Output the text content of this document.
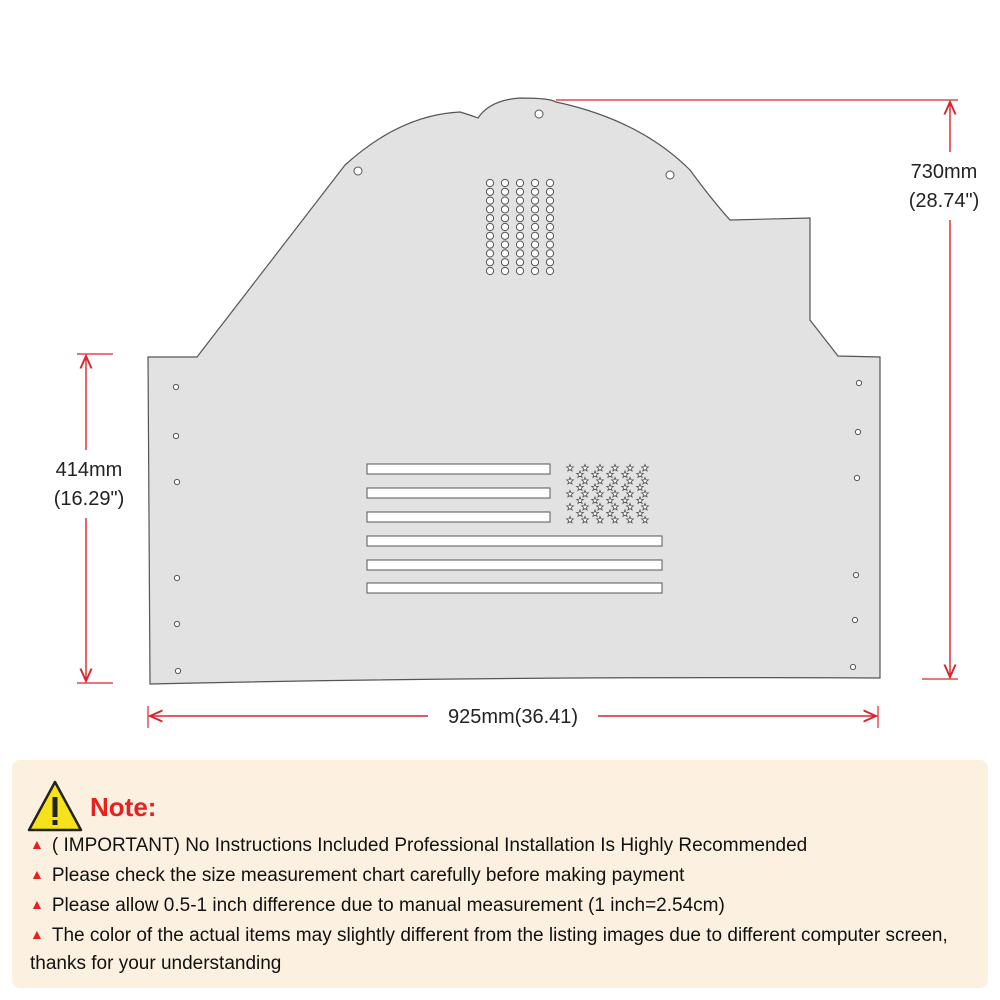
730mm
(28.74")
414mm
(16.29")
925mm(36.41)
Note:
▲ ( IMPORTANT) No Instructions Included Professional Installation Is Highly Recommended
▲ Please check the size measurement chart carefully before making payment
▲ Please allow 0.5-1 inch difference due to manual measurement (1 inch=2.54cm)
▲ The color of the actual items may slightly different from the listing images due to different computer screen, thanks for your understanding
